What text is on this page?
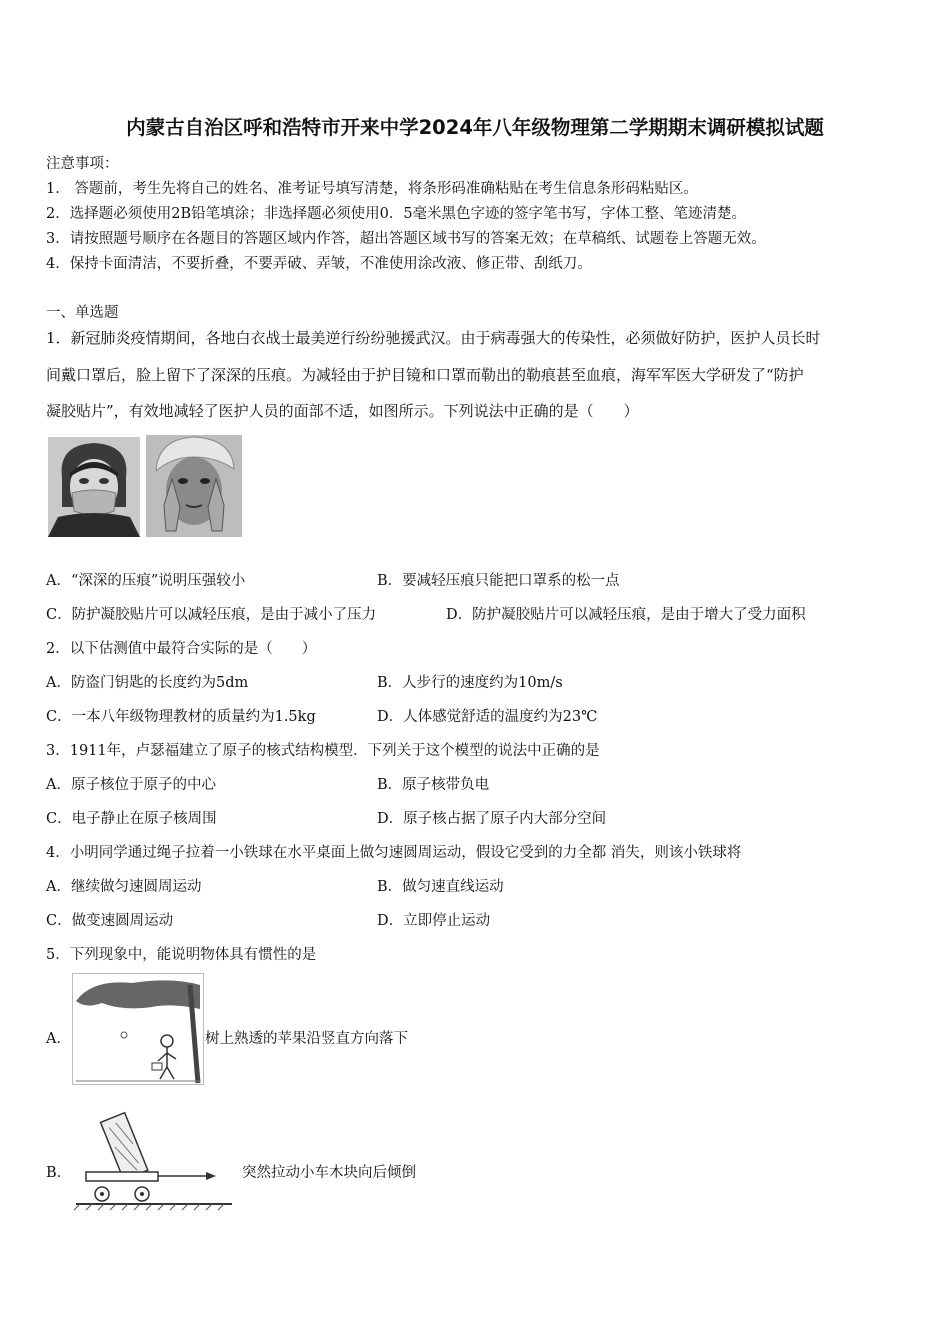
内蒙古自治区呼和浩特市开来中学2024年八年级物理第二学期期末调研模拟试题
注意事项：
1． 答题前，考生先将自己的姓名、准考证号填写清楚，将条形码准确粘贴在考生信息条形码粘贴区。
2．选择题必须使用2B铅笔填涂；非选择题必须使用0．5毫米黑色字迹的签字笔书写，字体工整、笔迹清楚。
3．请按照题号顺序在各题目的答题区域内作答，超出答题区域书写的答案无效；在草稿纸、试题卷上答题无效。
4．保持卡面清洁，不要折叠，不要弄破、弄皱，不准使用涂改液、修正带、刮纸刀。
一、单选题
1．新冠肺炎疫情期间，各地白衣战士最美逆行纷纷驰援武汉。由于病毒强大的传染性，必须做好防护，医护人员长时
间戴口罩后，脸上留下了深深的压痕。为减轻由于护目镜和口罩而勒出的勒痕甚至血痕，海军军医大学研发了“防护
凝胶贴片”，有效地减轻了医护人员的面部不适，如图所示。下列说法中正确的是（　　）
A．“深深的压痕”说明压强较小	B．要减轻压痕只能把口罩系的松一点
C．防护凝胶贴片可以减轻压痕，是由于减小了压力	D．防护凝胶贴片可以减轻压痕，是由于增大了受力面积
2．以下估测值中最符合实际的是（　　）
A．防盗门钥匙的长度约为5dm	B．人步行的速度约为10m/s
C．一本八年级物理教材的质量约为1.5kg	D．人体感觉舒适的温度约为23℃
3．1911年，卢瑟福建立了原子的核式结构模型．下列关于这个模型的说法中正确的是
A．原子核位于原子的中心	B．原子核带负电
C．电子静止在原子核周围	D．原子核占据了原子内大部分空间
4．小明同学通过绳子拉着一小铁球在水平桌面上做匀速圆周运动，假设它受到的力全都 消失，则该小铁球将
A．继续做匀速圆周运动	B．做匀速直线运动
C．做变速圆周运动	D．立即停止运动
5．下列现象中，能说明物体具有惯性的是
A．	树上熟透的苹果沿竖直方向落下
B．	突然拉动小车木块向后倾倒
